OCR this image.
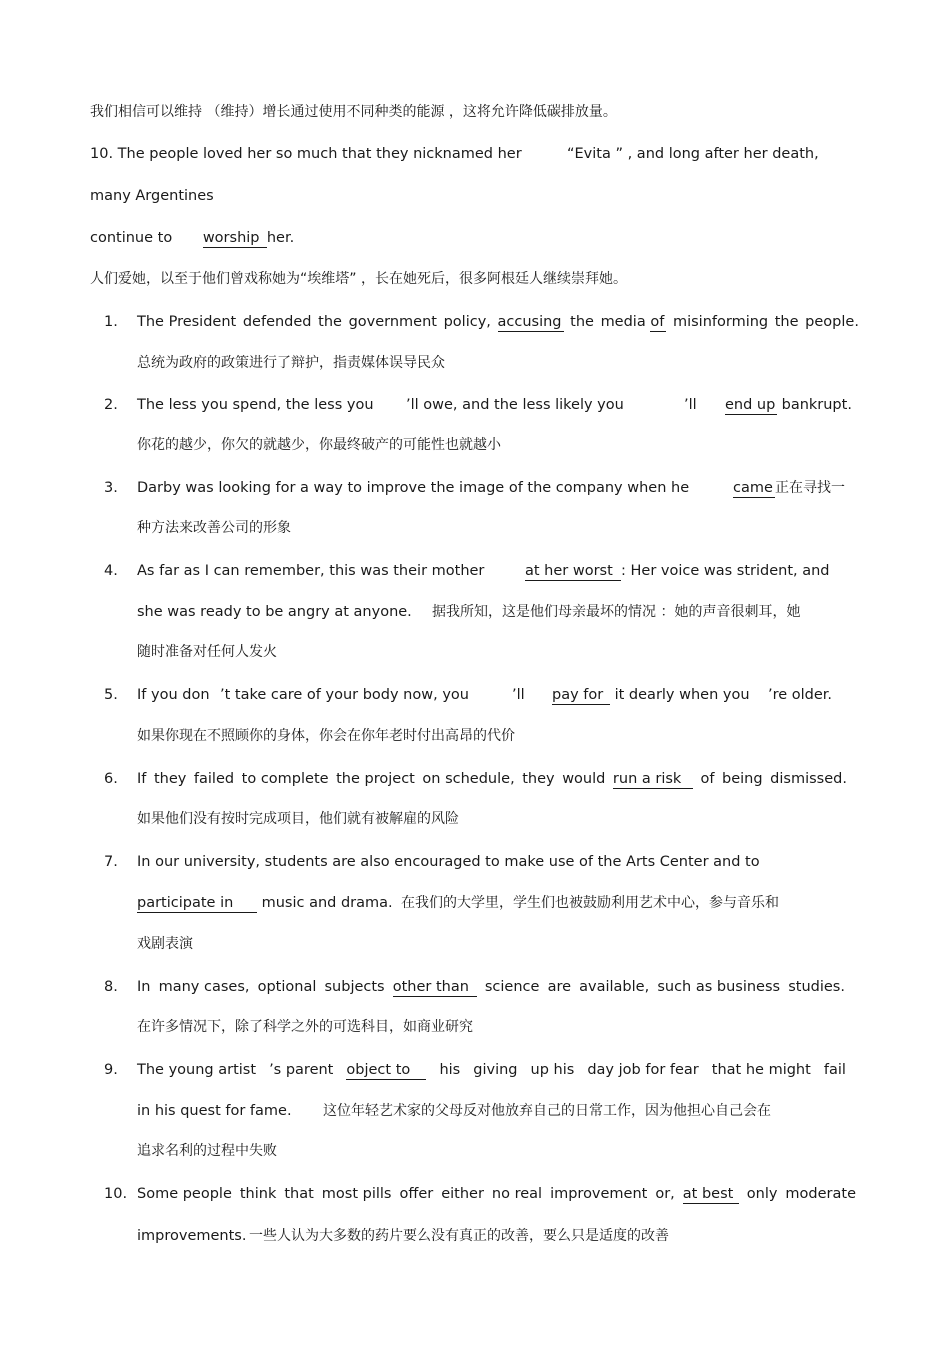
我们相信可以维持 （维持）增长通过使用不同种类的能源 ，这将允许降低碳排放量。
10. The people loved her so much that they nicknamed her	“Evita ” , and long after her death,
many Argentines
continue to worship her.
人们爱她，以至于他们曾戏称她为“埃维塔” ，长在她死后，很多阿根廷人继续崇拜她。
1. The President defended the government policy, accusing the media of misinforming the people.
总统为政府的政策进行了辩护，指责媒体误导民众
2. The less you spend, the less you ’ll owe, and the less likely you	’ll end up bankrupt.
你花的越少，你欠的就越少，你最终破产的可能性也就越小
3. Darby was looking for a way to improve the image of the company when he	came 正在寻找一
种方法来改善公司的形象
4. As far as I can remember, this was their mother	at her worst : Her voice was strident, and
she was ready to be angry at anyone. 据我所知，这是他们母亲最坏的情况 ：她的声音很刺耳，她
随时准备对任何人发火
5. If you don ’t take care of your body now, you	’ll pay for it dearly when you ’re older.
如果你现在不照顾你的身体，你会在你年老时付出高昂的代价
6. If they failed to complete the project on schedule, they would run a risk	of being dismissed.
如果他们没有按时完成项目，他们就有被解雇的风险
7. In our university, students are also encouraged to make use of the Arts Center and to
participate in music and drama. 在我们的大学里，学生们也被鼓励利用艺术中心，参与音乐和
戏剧表演
8. In many cases, optional subjects other than	science are available, such as business studies.
在许多情况下，除了科学之外的可选科目，如商业研究
9. The young artist ’s parent object to	his giving up his day job for fear that he might fail
in his quest for fame. 这位年轻艺术家的父母反对他放弃自己的日常工作，因为他担心自己会在
追求名利的过程中失败
10. Some people think that most pills offer either no real improvement or, at best only moderate
improvements. 一些人认为大多数的药片要么没有真正的改善，要么只是适度的改善
